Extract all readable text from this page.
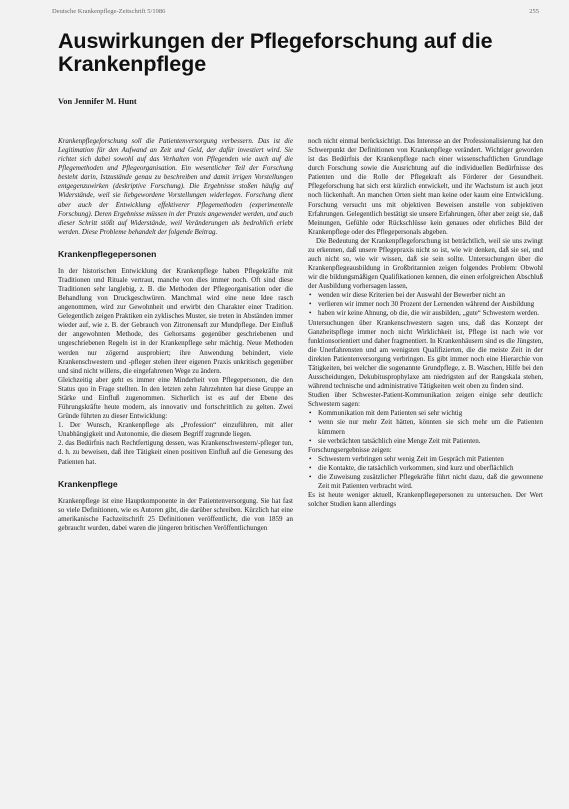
Deutsche Krankenpflege-Zeitschrift 5/1986	255
Auswirkungen der Pflegeforschung auf die Krankenpflege

Von Jennifer M. Hunt

Krankenpflegeforschung soll die Patientenversorgung verbessern. Das ist die Legitimation für den Aufwand an Zeit und Geld, der dafür investiert wird. Sie richtet sich dabei sowohl auf das Verhalten von Pflegenden wie auch auf die Pflegemethoden und Pflegeorganisation. Ein wesentlicher Teil der Forschung besteht darin, Istzustände genau zu beschreiben und damit irrigen Vorstellungen entgegenzuwirken (deskriptive Forschung). Die Ergebnisse stoßen häufig auf Widerstände, weil sie liebgewordene Vorstellungen widerlegen. Forschung dient aber auch der Entwicklung effektiverer Pflegemethoden (experimentelle Forschung). Deren Ergebnisse müssen in der Praxis angewendet werden, und auch dieser Schritt stößt auf Widerstände, weil Veränderungen als bedrohlich erlebt werden. Diese Probleme behandelt der folgende Beitrag.

Krankenpflegepersonen

In der historischen Entwicklung der Krankenpflege haben Pflegekräfte mit Traditionen und Rituale vertraut, manche von dies immer noch. Oft sind diese Traditionen sehr langlebig, z. B. die Methoden der Pflegeorganisation oder die Behandlung von Druckgeschwüren. Manchmal wird eine neue Idee rasch angenommen, wird zur Gewohnheit und erwirbt den Charakter einer Tradition. Gelegentlich zeigen Praktiken ein zyklisches Muster, sie treten in Abständen immer wieder auf, wie z. B. der Gebrauch von Zitronensaft zur Mundpflege. Der Einfluß der angewohnten Methode, des Gehorsams gegenüber geschriebenen und ungeschriebenen Regeln ist in der Krankenpflege sehr mächtig. Neue Methoden werden nur zögernd ausprobiert; ihre Anwendung behindert, viele Krankenschwestern und -pfleger stehen ihrer eigenen Praxis unkritisch gegenüber und sind nicht willens, die eingefahrenen Wege zu ändern.

Gleichzeitig aber geht es immer eine Minderheit von Pflegepersonen, die den Status quo in Frage stellten. In den letzten zehn Jahrzehnten hat diese Gruppe an Stärke und Einfluß zugenommen. Sicherlich ist es auf der Ebene des Führungskräfte heute modern, als innovativ und fortschrittlich zu gelten. Zwei Gründe führten zu dieser Entwicklung:

1. Der Wunsch, Krankenpflege als „Profession“ einzuführen, mit aller Unabhängigkeit und Autonomie, die diesem Begriff zugrunde liegen.

2. das Bedürfnis nach Rechtfertigung dessen, was Krankenschwestern/-pfleger tun, d. h. zu beweisen, daß ihre Tätigkeit einen positiven Einfluß auf die Genesung des Patienten hat.

Krankenpflege

Krankenpflege ist eine Hauptkomponente in der Patientenversorgung. Sie hat fast so viele Definitionen, wie es Autoren gibt, die darüber schreiben. Kürzlich hat eine amerikanische Fachzeitschrift 25 Definitionen veröffentlicht, die von 1859 an gebraucht wurden, dabei waren die jüngeren britischen Veröffentlichungen

noch nicht einmal berücksichtigt. Das Interesse an der Professionalisierung hat den Schwerpunkt der Definitionen von Krankenpflege verändert. Wichtiger geworden ist das Bedürfnis der Krankenpflege nach einer wissenschaftlichen Grundlage durch Forschung sowie die Ausrichtung auf die individuellen Bedürfnisse des Patienten und die Rolle der Pflegekraft als Förderer der Gesundheit. Pflegeforschung hat sich erst kürzlich entwickelt, und ihr Wachstum ist auch jetzt noch lückenhaft. An manchen Orten sieht man keine oder kaum eine Entwicklung. Forschung versucht uns mit objektiven Beweisen anstelle von subjektiven Erfahrungen. Gelegentlich bestätigt sie unsere Erfahrungen, öfter aber zeigt sie, daß Meinungen, Gefühle oder Rückschlüsse kein genaues oder ehrliches Bild der Krankenpflege oder des Pflegepersonals abgeben.

Die Bedeutung der Krankenpflegeforschung ist beträchtlich, weil sie uns zwingt zu erkennen, daß unsere Pflegepraxis nicht so ist, wie wir denken, daß sie sei, und auch nicht so, wie wir wissen, daß sie sein sollte. Untersuchungen über die Krankenpflegeausbildung in Großbritannien zeigen folgendes Problem: Obwohl wir die bildungsmäßigen Qualifikationen kennen, die einen erfolgreichen Abschluß der Ausbildung vorhersagen lassen,

• wenden wir diese Kriterien bei der Auswahl der Bewerber nicht an
• verlieren wir immer noch 30 Prozent der Lernenden während der Ausbildung
• haben wir keine Ahnung, ob die, die wir ausbilden, „gute“ Schwestern werden.

Untersuchungen über Krankenschwestern sagen uns, daß das Konzept der Ganzheitspflege immer noch nicht Wirklichkeit ist, Pflege ist nach wie vor funktionsorientiert und daher fragmentiert. In Krankenhäusern sind es die Jüngsten, die Unerfahrensten und am wenigsten Qualifizierten, die die meiste Zeit in der direkten Patientenversorgung verbringen. Es gibt immer noch eine Hierarchie von Tätigkeiten, bei welcher die sogenannte Grundpflege, z. B. Waschen, Hilfe bei den Ausscheidungen, Dekubitusprophylaxe am niedrigsten auf der Rangskala stehen, während technische und administrative Tätigkeiten weit oben zu finden sind.

Studien über Schwester-Patient-Kommunikation zeigen einige sehr deutlich: Schwestern sagen:

• Kommunikation mit dem Patienten sei sehr wichtig
• wenn sie nur mehr Zeit hätten, könnten sie sich mehr um die Patienten kümmern
• sie verbrächten tatsächlich eine Menge Zeit mit Patienten.

Forschungsergebnisse zeigen:

• Schwestern verbringen sehr wenig Zeit im Gespräch mit Patienten
• die Kontakte, die tatsächlich vorkommen, sind kurz und oberflächlich
• die Zuweisung zusätzlicher Pflegekräfte führt nicht dazu, daß die gewonnene Zeit mit Patienten verbracht wird.

Es ist heute weniger aktuell, Krankenpflegepersonen zu untersuchen. Der Wert solcher Studien kann allerdings
